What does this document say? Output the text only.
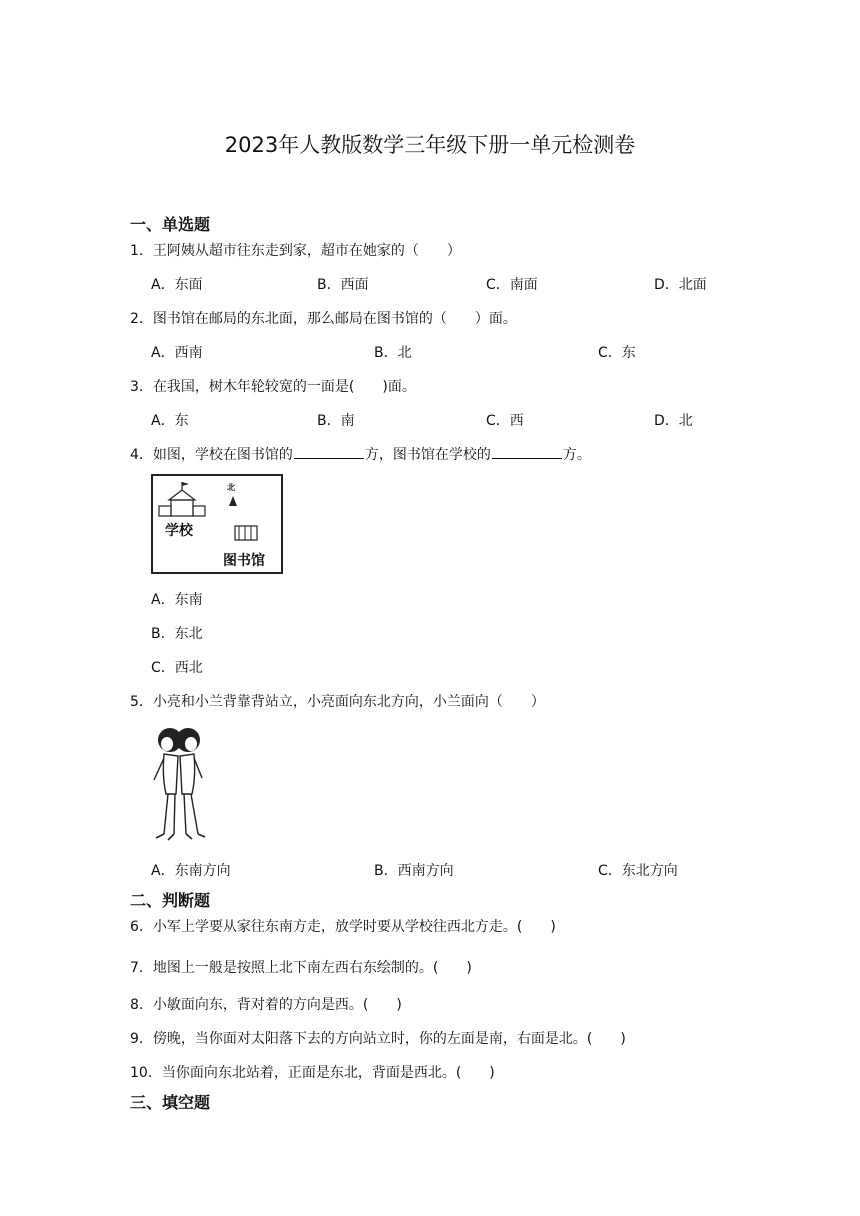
2023年人教版数学三年级下册一单元检测卷
一、单选题
1．王阿姨从超市往东走到家，超市在她家的（　　）
A．东面	B．西面	C．南面	D．北面
2．图书馆在邮局的东北面，那么邮局在图书馆的（　　）面。
A．西南	B．北	C．东
3．在我国，树木年轮较宽的一面是(　　)面。
A．东	B．南	C．西	D．北
4．如图，学校在图书馆的	方，图书馆在学校的	方。
北
学校
图书馆
A．东南
B．东北
C．西北
5．小亮和小兰背靠背站立，小亮面向东北方向，小兰面向（　　）
A．东南方向	B．西南方向	C．东北方向
二、判断题
6．小军上学要从家往东南方走，放学时要从学校往西北方走。(　　)
7．地图上一般是按照上北下南左西右东绘制的。(　　)
8．小敏面向东，背对着的方向是西。(　　)
9．傍晚，当你面对太阳落下去的方向站立时，你的左面是南，右面是北。(　　)
10．当你面向东北站着，正面是东北，背面是西北。(　　)
三、填空题
